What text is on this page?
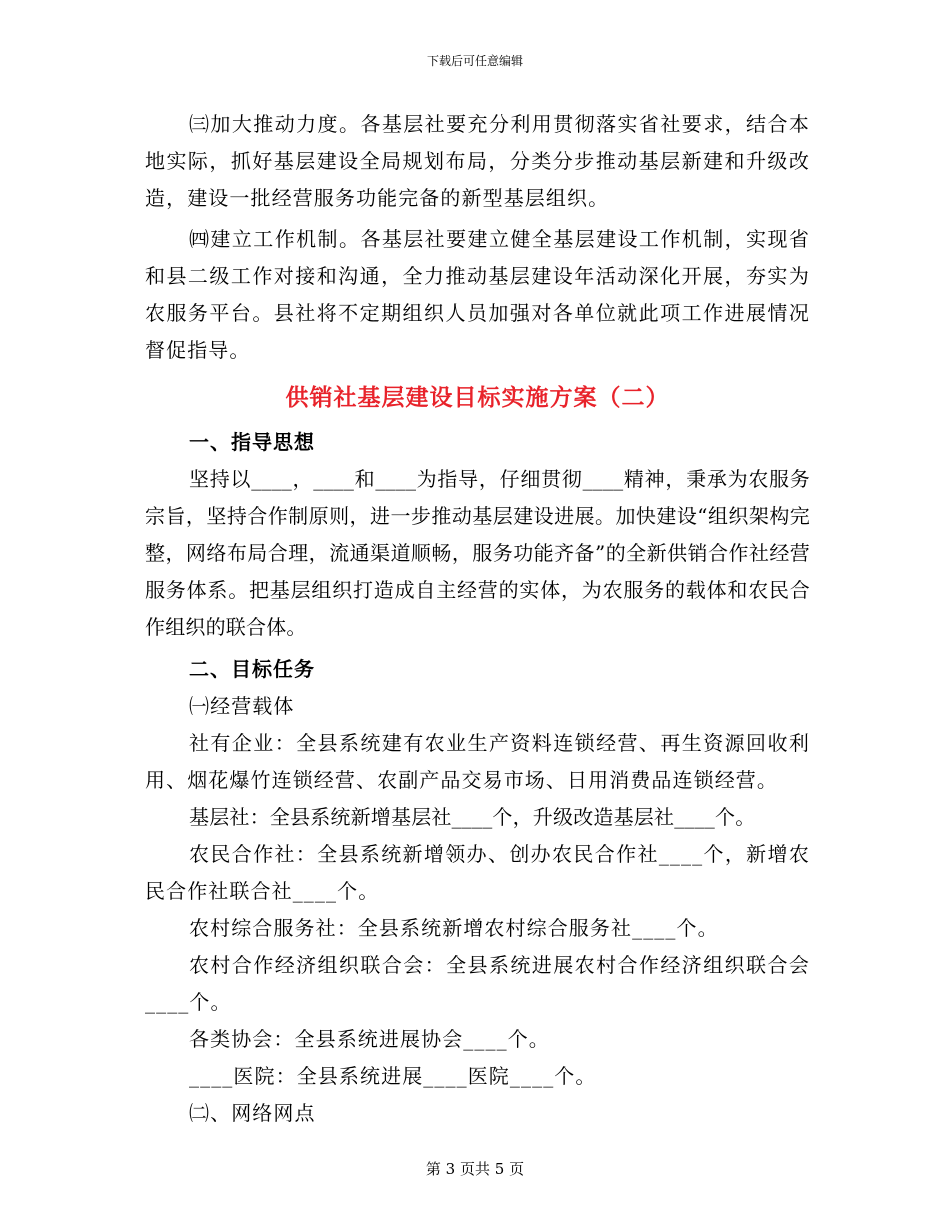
下载后可任意编辑

㈢加大推动力度。各基层社要充分利用贯彻落实省社要求，结合本地实际，抓好基层建设全局规划布局，分类分步推动基层新建和升级改造，建设一批经营服务功能完备的新型基层组织。

㈣建立工作机制。各基层社要建立健全基层建设工作机制，实现省和县二级工作对接和沟通，全力推动基层建设年活动深化开展，夯实为农服务平台。县社将不定期组织人员加强对各单位就此项工作进展情况督促指导。

供销社基层建设目标实施方案（二）

一、指导思想

坚持以____，____和____为指导，仔细贯彻____精神，秉承为农服务宗旨，坚持合作制原则，进一步推动基层建设进展。加快建设“组织架构完整，网络布局合理，流通渠道顺畅，服务功能齐备”的全新供销合作社经营服务体系。把基层组织打造成自主经营的实体，为农服务的载体和农民合作组织的联合体。

二、目标任务

㈠经营载体

社有企业：全县系统建有农业生产资料连锁经营、再生资源回收利用、烟花爆竹连锁经营、农副产品交易市场、日用消费品连锁经营。

基层社：全县系统新增基层社____个，升级改造基层社____个。

农民合作社：全县系统新增领办、创办农民合作社____个，新增农民合作社联合社____个。

农村综合服务社：全县系统新增农村综合服务社____个。

农村合作经济组织联合会：全县系统进展农村合作经济组织联合会____个。

各类协会：全县系统进展协会____个。

____医院：全县系统进展____医院____个。

㈡、网络网点

第 3 页共 5 页
